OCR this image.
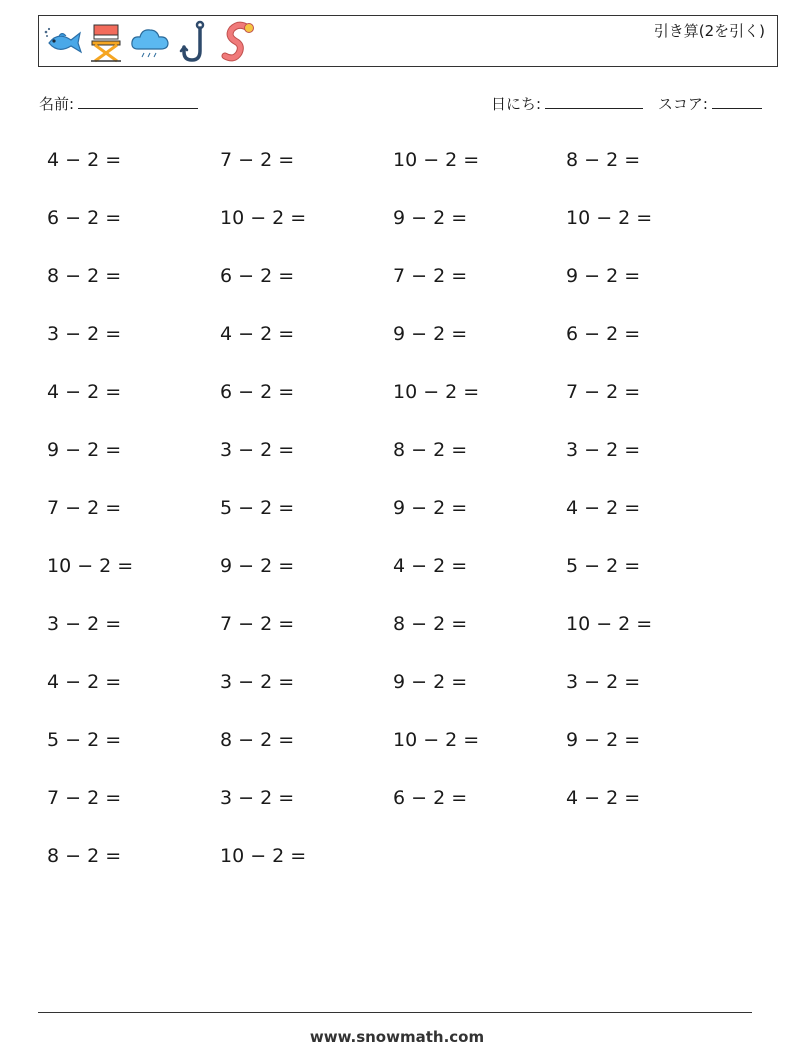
引き算(2を引く)
名前:	日にち:	スコア:
4 − 2 =	7 − 2 =	10 − 2 =	8 − 2 =
6 − 2 =	10 − 2 =	9 − 2 =	10 − 2 =
8 − 2 =	6 − 2 =	7 − 2 =	9 − 2 =
3 − 2 =	4 − 2 =	9 − 2 =	6 − 2 =
4 − 2 =	6 − 2 =	10 − 2 =	7 − 2 =
9 − 2 =	3 − 2 =	8 − 2 =	3 − 2 =
7 − 2 =	5 − 2 =	9 − 2 =	4 − 2 =
10 − 2 =	9 − 2 =	4 − 2 =	5 − 2 =
3 − 2 =	7 − 2 =	8 − 2 =	10 − 2 =
4 − 2 =	3 − 2 =	9 − 2 =	3 − 2 =
5 − 2 =	8 − 2 =	10 − 2 =	9 − 2 =
7 − 2 =	3 − 2 =	6 − 2 =	4 − 2 =
8 − 2 =	10 − 2 =
www.snowmath.com
